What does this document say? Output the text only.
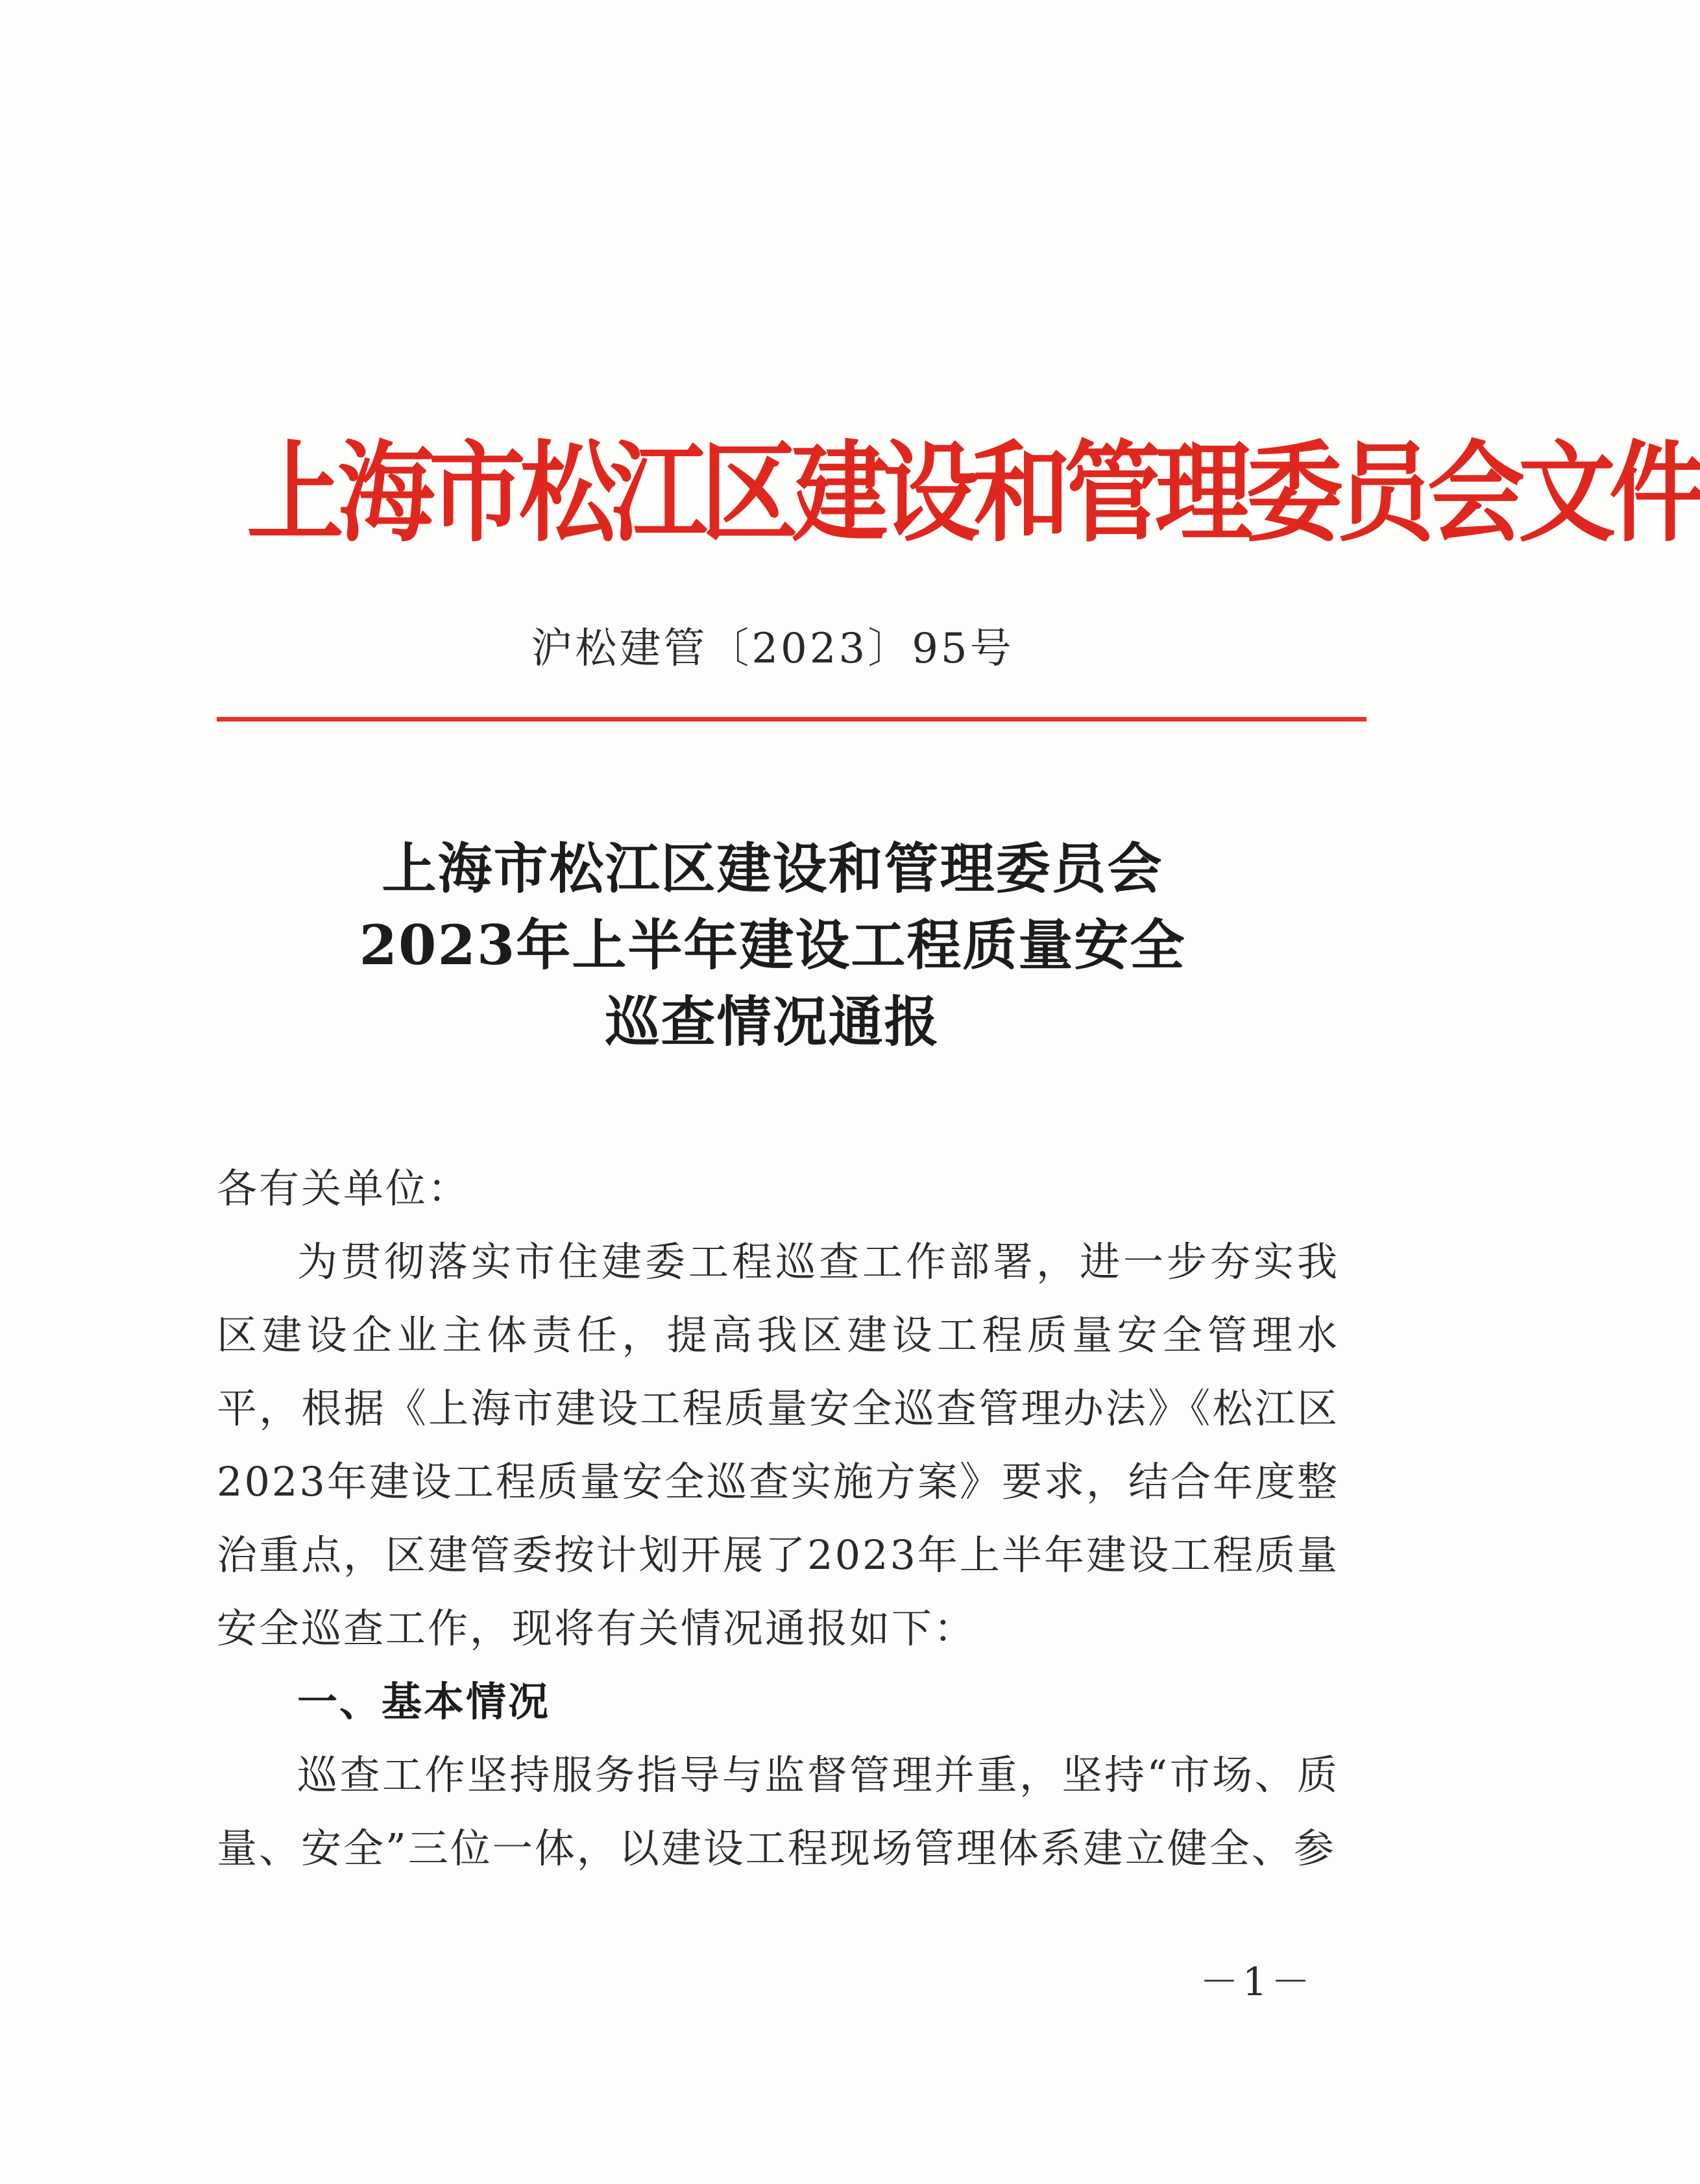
上海市松江区建设和管理委员会文件
沪松建管〔2023〕95号
上海市松江区建设和管理委员会
2023年上半年建设工程质量安全
巡查情况通报
各有关单位：

为贯彻落实市住建委工程巡查工作部署，进一步夯实我区建设企业主体责任，提高我区建设工程质量安全管理水平，根据《上海市建设工程质量安全巡查管理办法》《松江区2023年建设工程质量安全巡查实施方案》要求，结合年度整治重点，区建管委按计划开展了2023年上半年建设工程质量安全巡查工作，现将有关情况通报如下：

一、基本情况

巡查工作坚持服务指导与监督管理并重，坚持“市场、质量、安全”三位一体，以建设工程现场管理体系建立健全、参

－1－
